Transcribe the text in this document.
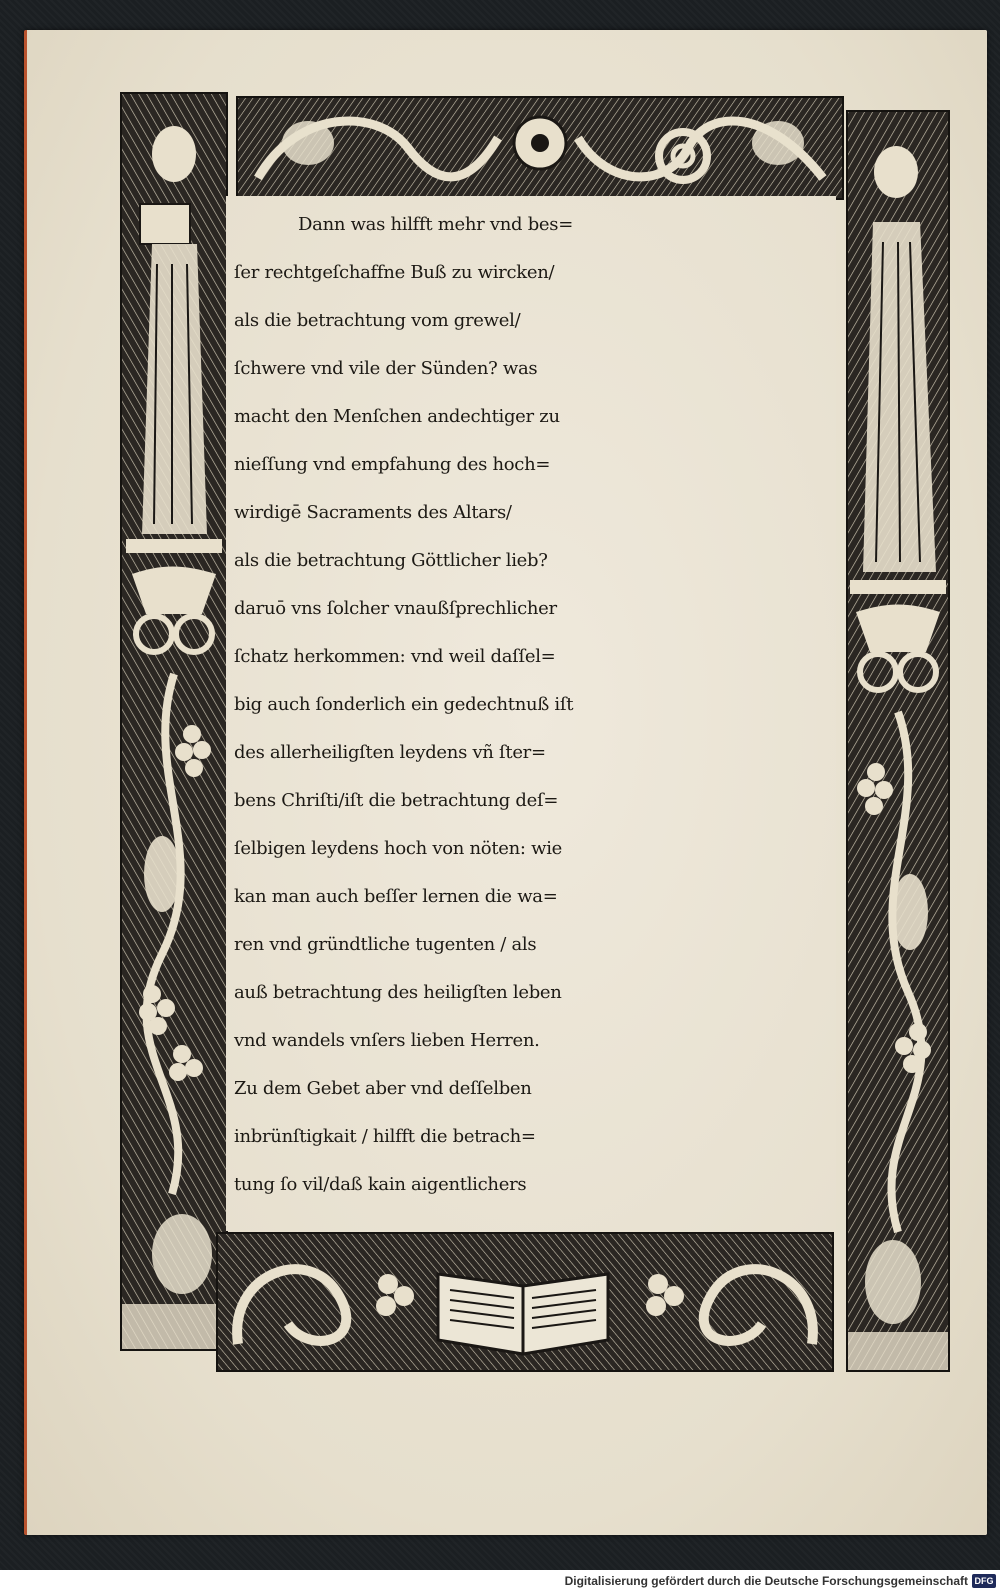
Dann was hilfft mehr vnd bes=
ſer rechtgeſchaffne Buß zu wircken/
als die betrachtung vom grewel/
ſchwere vnd vile der Sünden? was
macht den Menſchen andechtiger zu
nieſſung vnd empfahung des hoch=
wirdigē Sacraments des Altars/
als die betrachtung Göttlicher lieb?
daruō vns ſolcher vnaußſprechlicher
ſchatz herkommen: vnd weil daſſel=
big auch ſonderlich ein gedechtnuß iſt
des allerheiligſten leydens vñ ſter=
bens Chriſti/iſt die betrachtung deſ=
ſelbigen leydens hoch von nöten: wie
kan man auch beſſer lernen die wa=
ren vnd gründtliche tugenten / als
auß betrachtung des heiligſten leben
vnd wandels vnſers lieben Herren.
Zu dem Gebet aber vnd deſſelben
inbrünſtigkait / hilfft die betrach=
tung ſo vil/daß kain aigentlichers
Digitalisierung gefördert durch die Deutsche Forschungsgemeinschaft DFG
